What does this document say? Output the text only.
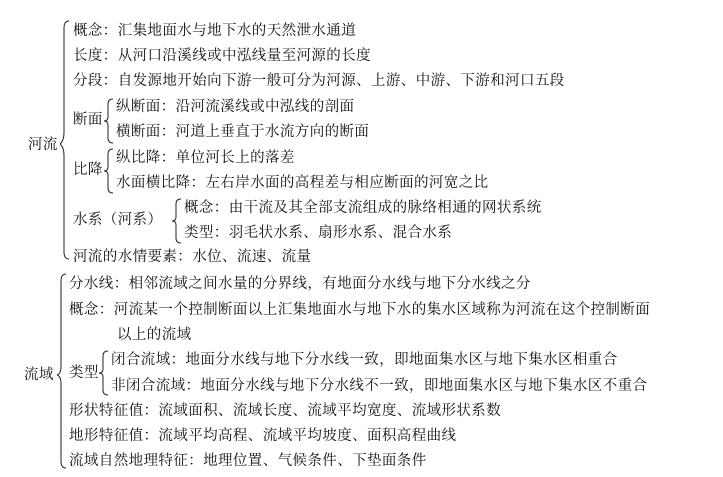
河流
概念：汇集地面水与地下水的天然泄水通道
长度：从河口沿溪线或中泓线量至河源的长度
分段：自发源地开始向下游一般可分为河源、上游、中游、下游和河口五段
断面
纵断面：沿河流溪线或中泓线的剖面
横断面：河道上垂直于水流方向的断面
比降
纵比降：单位河长上的落差
水面横比降：左右岸水面的高程差与相应断面的河宽之比
水系（河系）
概念：由干流及其全部支流组成的脉络相通的网状系统
类型：羽毛状水系、扇形水系、混合水系
河流的水情要素：水位、流速、流量
流域
分水线：相邻流域之间水量的分界线，有地面分水线与地下分水线之分
概念：河流某一个控制断面以上汇集地面水与地下水的集水区域称为河流在这个控制断面
以上的流域
类型
闭合流域：地面分水线与地下分水线一致，即地面集水区与地下集水区相重合
非闭合流域：地面分水线与地下分水线不一致，即地面集水区与地下集水区不重合
形状特征值：流域面积、流域长度、流域平均宽度、流域形状系数
地形特征值：流域平均高程、流域平均坡度、面积高程曲线
流域自然地理特征：地理位置、气候条件、下垫面条件
